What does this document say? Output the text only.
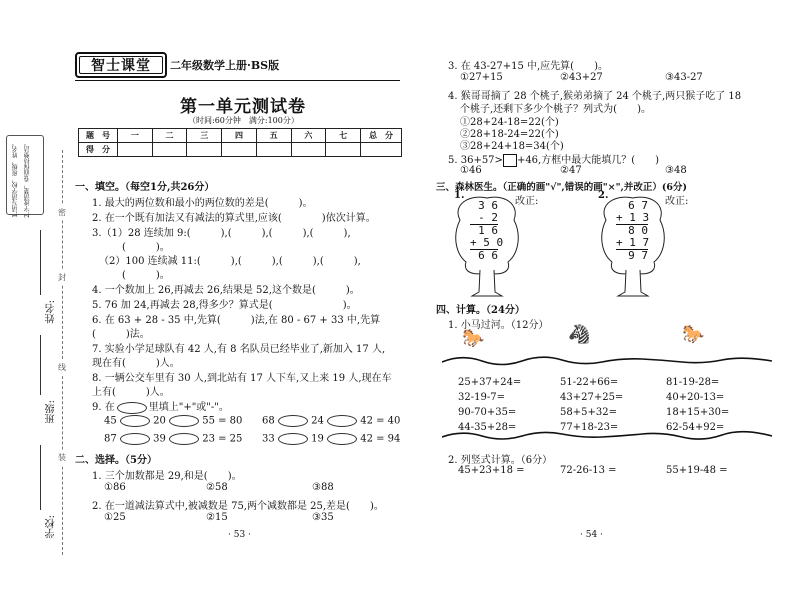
1.请写清学校、班级、姓名。 2.字迹清楚，卷面保持整洁。	密
封
线
装
姓名:
班级:
学校:
智士课堂 二年级数学上册·BS版
第一单元测试卷
（时间:60分钟　满分:100分）
题　号	一	二	三	四	五	六	七	总　分
得　分								
一、填空。（每空1分,共26分）
1. 最大的两位数和最小的两位数的差是(　　　)。
2. 在一个既有加法又有减法的算式里,应该(　　　　)依次计算。
3.（1）28 连续加 9:(　　　),(　　　),(　　　),(　　　),
(　　　)。
（2）100 连续减 11:(　　　),(　　　),(　　　),(　　　),
(　　　)。
4. 一个数加上 26,再减去 26,结果是 52,这个数是(　　　)。
5. 76 加 24,再减去 28,得多少？算式是(　　　　　　　)。
6. 在 63 + 28 - 35 中,先算(　　　)法,在 80 - 67 + 33 中,先算
(　　　)法。
7. 实验小学足球队有 42 人,有 8 名队员已经毕业了,新加入 17 人,
现在有(　　　)人。
8. 一辆公交车里有 30 人,到北站有 17 人下车,又上来 19 人,现在车
上有(　　　)人。
9. 在	里填上"+"或"-"。
45	20	55 = 80 68	24	42 = 40
87	39	23 = 25 33	19	42 = 94
二、选择。（5分）
1. 三个加数都是 29,和是(　　)。
①86	②58	③88
2. 在一道减法算式中,被减数是 75,两个减数都是 25,差是(　　)。
①25	②15	③35
· 53 ·
3. 在 43-27+15 中,应先算(　　)。
①27+15	②43+27	③43-27
4. 猴哥哥摘了 28 个桃子,猴弟弟摘了 24 个桃子,两只猴子吃了 18
个桃子,还剩下多少个桃子？列式为(　　)。
①28+24-18=22(个)
②28+18-24=22(个)
③28+24+18=34(个)
5. 36+57> +46,方框中最大能填几？(　　)
①46	②47	③48
三、森林医生。（正确的画"√",错误的画"×",并改正）(6分)
1.
改正:
3 6
- 2
1 6
+ 5 0
6 6
2.
改正:
6 7
+ 1 3
8 0
+ 1 7
9 7
四、计算。（24分）
1. 小马过河。（12分）
🐎	🦓	🐎
25+37+24=	51-22+66=	81-19-28=
32-19-7=	43+27+25=	40+20-13=
90-70+35=	58+5+32=	18+15+30=
44-35+28=	77+18-23=	62-54+92=
2. 列竖式计算。（6分）
45+23+18 =	72-26-13 =	55+19-48 =
· 54 ·
